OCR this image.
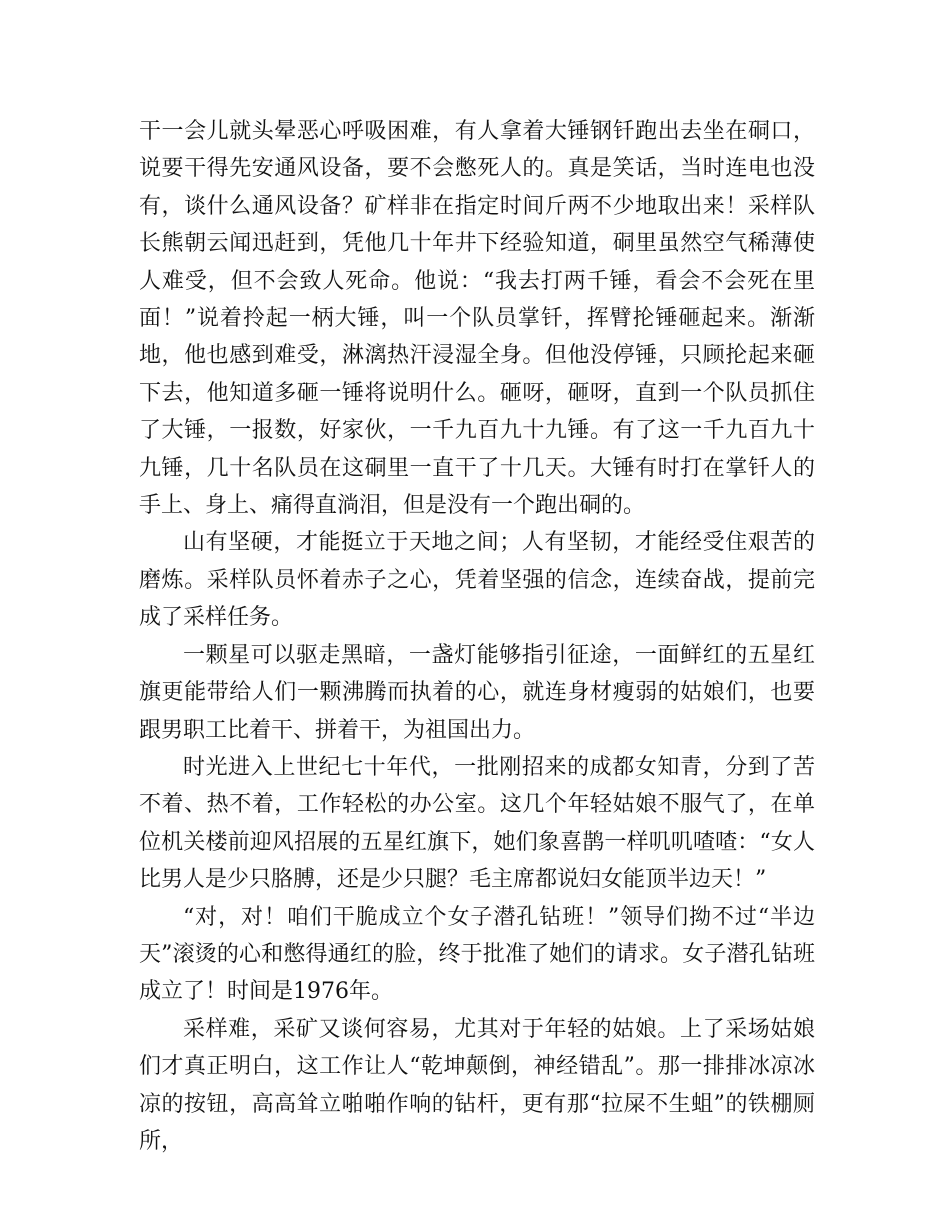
干一会儿就头晕恶心呼吸困难，有人拿着大锤钢钎跑出去坐在硐口，说要干得先安通风设备，要不会憋死人的。真是笑话，当时连电也没有，谈什么通风设备？矿样非在指定时间斤两不少地取出来！采样队长熊朝云闻迅赶到，凭他几十年井下经验知道，硐里虽然空气稀薄使人难受，但不会致人死命。他说：“我去打两千锤，看会不会死在里面！”说着拎起一柄大锤，叫一个队员掌钎，挥臂抡锤砸起来。渐渐地，他也感到难受，淋漓热汗浸湿全身。但他没停锤，只顾抡起来砸下去，他知道多砸一锤将说明什么。砸呀，砸呀，直到一个队员抓住了大锤，一报数，好家伙，一千九百九十九锤。有了这一千九百九十九锤，几十名队员在这硐里一直干了十几天。大锤有时打在掌钎人的手上、身上、痛得直淌泪，但是没有一个跑出硐的。

山有坚硬，才能挺立于天地之间；人有坚韧，才能经受住艰苦的磨炼。采样队员怀着赤子之心，凭着坚强的信念，连续奋战，提前完成了采样任务。

一颗星可以驱走黑暗，一盏灯能够指引征途，一面鲜红的五星红旗更能带给人们一颗沸腾而执着的心，就连身材瘦弱的姑娘们，也要跟男职工比着干、拼着干，为祖国出力。

时光进入上世纪七十年代，一批刚招来的成都女知青，分到了苦不着、热不着，工作轻松的办公室。这几个年轻姑娘不服气了，在单位机关楼前迎风招展的五星红旗下，她们象喜鹊一样叽叽喳喳：“女人比男人是少只胳膊，还是少只腿？毛主席都说妇女能顶半边天！”

“对，对！咱们干脆成立个女子潜孔钻班！”领导们拗不过“半边天”滚烫的心和憋得通红的脸，终于批准了她们的请求。女子潜孔钻班成立了！时间是1976年。

采样难，采矿又谈何容易，尤其对于年轻的姑娘。上了采场姑娘们才真正明白，这工作让人“乾坤颠倒，神经错乱”。那一排排冰凉冰凉的按钮，高高耸立啪啪作响的钻杆，更有那“拉屎不生蛆”的铁棚厕所，
